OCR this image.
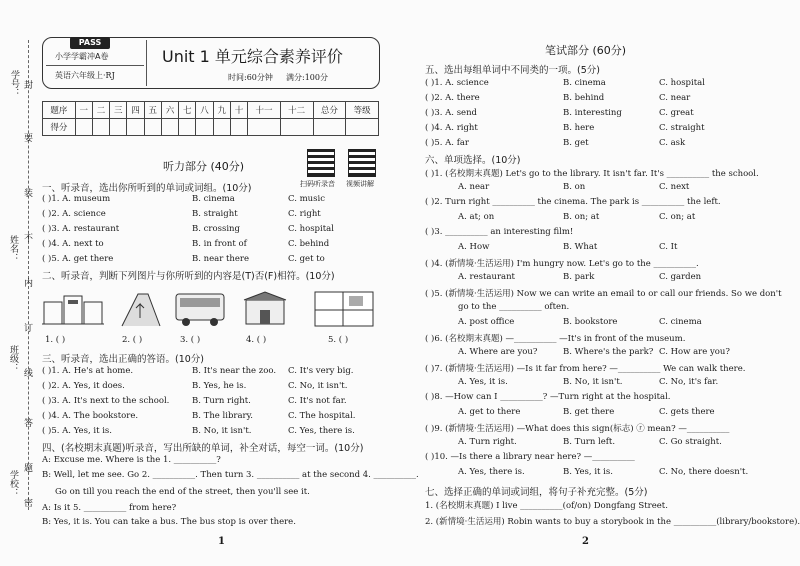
学号：
姓名：
班级：
学校：
封
要
装
不
内
订
线
答
题
密
PASS
小学学霸冲A卷
英语六年级上·RJ
Unit 1 单元综合素养评价
时间:60分钟 满分:100分
题序	一	二	三	四	五	六	七	八	九	十	十一	十二	总分	等级
得分														
听力部分 (40分)
扫码听录音 视频讲解
一、听录音，选出你所听到的单词或词组。(10分)
( )1. A. museum	B. cinema	C. music
( )2. A. science	B. straight	C. right
( )3. A. restaurant	B. crossing	C. hospital
( )4. A. next to	B. in front of	C. behind
( )5. A. get there	B. near there	C. get to
二、听录音，判断下列图片与你所听到的内容是(T)否(F)相符。(10分)
1. ( )	2. ( )	3. ( )	4. ( )	5. ( )
三、听录音，选出正确的答语。(10分)
( )1. A. He's at home.	B. It's near the zoo. C. It's very big.
( )2. A. Yes, it does.	B. Yes, he is.	C. No, it isn't.
( )3. A. It's next to the school.	B. Turn right.	C. It's not far.
( )4. A. The bookstore.	B. The library.	C. The hospital.
( )5. A. Yes, it is.	B. No, it isn't.	C. Yes, there is.
四、(名校期末真题)听录音，写出所缺的单词，补全对话，每空一词。(10分)
A: Excuse me. Where is the 1. __________?
B: Well, let me see. Go 2. __________. Then turn 3. __________ at the second 4. __________.
Go on till you reach the end of the street, then you'll see it.
A: Is it 5. __________ from here?
B: Yes, it is. You can take a bus. The bus stop is over there.
1
笔试部分 (60分)
五、选出每组单词中不同类的一项。(5分)
( )1. A. science	B. cinema	C. hospital
( )2. A. there	B. behind	C. near
( )3. A. send	B. interesting	C. great
( )4. A. right	B. here	C. straight
( )5. A. far	B. get	C. ask
六、单项选择。(10分)
( )1. (名校期末真题) Let's go to the library. It isn't far. It's __________ the school.
A. near	B. on	C. next
( )2. Turn right __________ the cinema. The park is __________ the left.
A. at; on	B. on; at	C. on; at
( )3. __________ an interesting film!
A. How	B. What	C. It
( )4. (新情境·生活运用) I'm hungry now. Let's go to the __________.
A. restaurant	B. park	C. garden
( )5. (新情境·生活运用) Now we can write an email to or call our friends. So we don't
go to the __________ often.
A. post office	B. bookstore	C. cinema
( )6. (名校期末真题) —__________ —It's in front of the museum.
A. Where are you?	B. Where's the park? C. How are you?
( )7. (新情境·生活运用) —Is it far from here? —__________ We can walk there.
A. Yes, it is.	B. No, it isn't.	C. No, it's far.
( )8. —How can I __________? —Turn right at the hospital.
A. get to there	B. get there	C. gets there
( )9. (新情境·生活运用) —What does this sign(标志) ⓡ mean? —__________
A. Turn right.	B. Turn left.	C. Go straight.
( )10. —Is there a library near here? —__________
A. Yes, there is.	B. Yes, it is.	C. No, there doesn't.
七、选择正确的单词或词组，将句子补充完整。(5分)
1. (名校期末真题) I live __________(of/on) Dongfang Street.
2. (新情境·生活运用) Robin wants to buy a storybook in the __________(library/bookstore).
2
